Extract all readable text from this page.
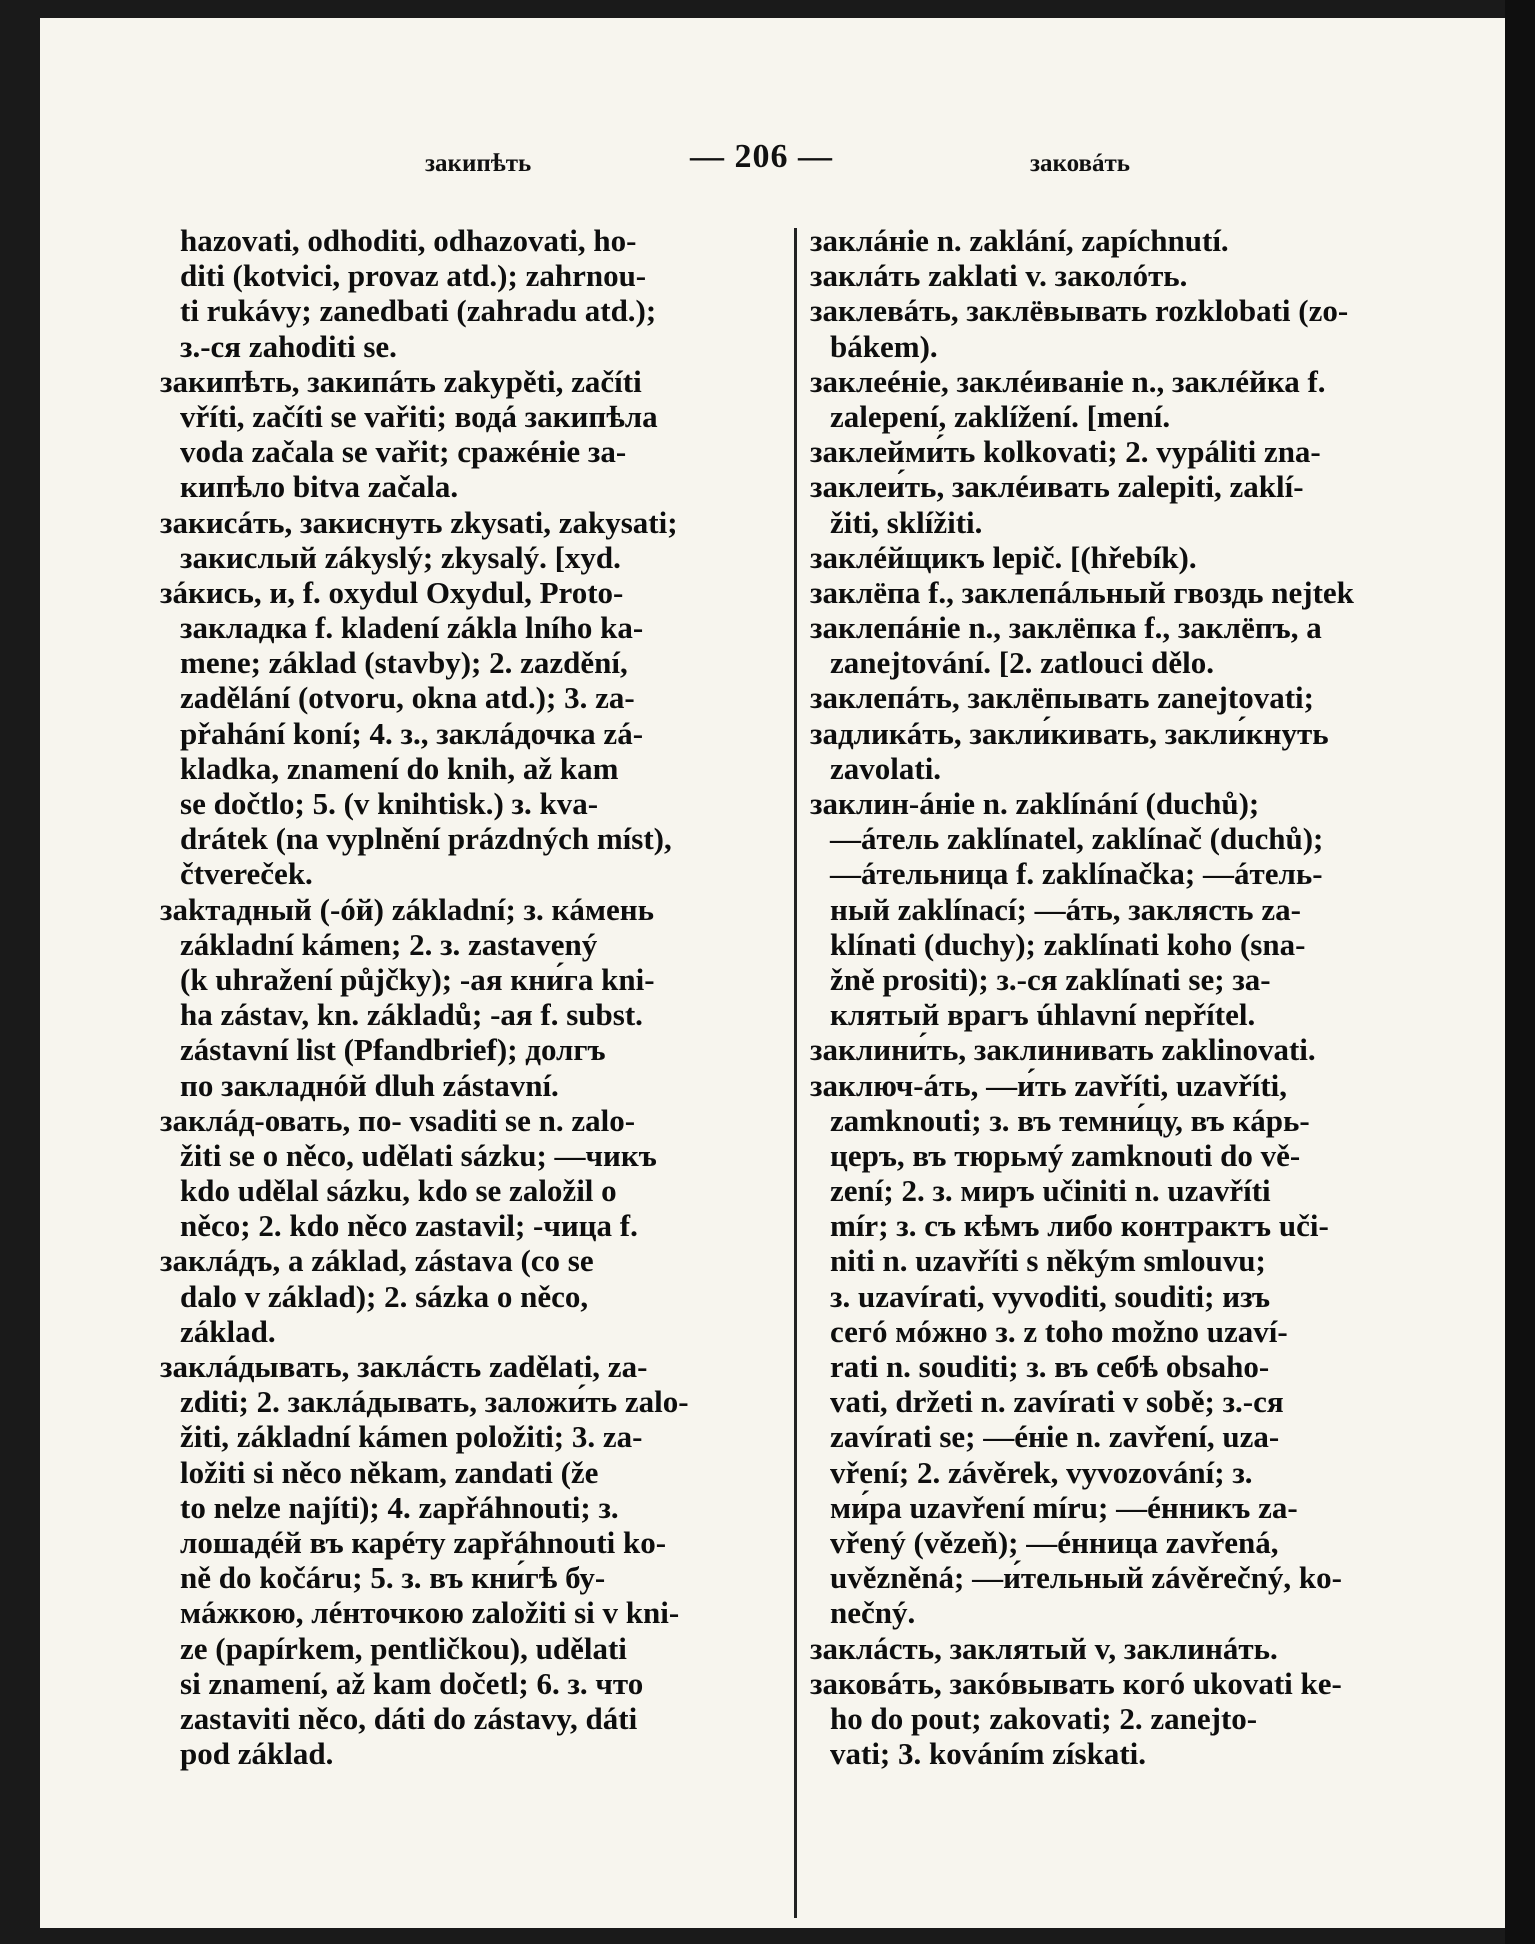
закипѣть	— 206 —	заковáть
hazovati, odhoditi, odhazovati, ho-
diti (kotvici, provaz atd.); zahrnou-
ti rukávy; zanedbati (zahradu atd.);
з.-ся zahoditi se.
закипѣть, закипáть zakypěti, začíti
vříti, začíti se vařiti; водá закипѣла
voda začala se vařit; сражéніе за-
кипѣло bitva začala.
закисáть, закиснуть zkysati, zakysati;
закислый zákyslý; zkysalý. [xyd.
зáкись, и, f. oxydul Oxydul, Proto-
закладка f. kladení zákla lního ka-
mene; základ (stavby); 2. zazdění,
zadělání (otvoru, okna atd.); 3. za-
přahání koní; 4. з., заклáдочка zá-
kladka, znamení do knih, až kam
se dočtlo; 5. (v knihtisk.) з. kva-
drátek (na vyplnění prázdných míst),
čtvereček.
заkтадный (-óй) základní; з. кáмень
základní kámen; 2. з. zastavený
(k uhražení půjčky); -ая кни́га kni-
ha zástav, kn. základů; -ая f. subst.
zástavní list (Pfandbrief); долгъ
по закладнóй dluh zástavní.
заклáд-овать, по- vsaditi se n. zalo-
žiti se o něco, udělati sázku; —чикъ
kdo udělal sázku, kdo se založil o
něco; 2. kdo něco zastavil; -чица f.
заклáдъ, а základ, zástava (co se
dalo v základ); 2. sázka o něco,
základ.
заклáдывать, заклáсть zadělati, za-
zditi; 2. заклáдывать, заложи́ть zalo-
žiti, základní kámen položiti; 3. za-
ložiti si něco někam, zandati (že
to nelze najíti); 4. zapřáhnouti; з.
лошадéй въ карéту zapřáhnouti ko-
ně do kočáru; 5. з. въ кни́гѣ бу-
мáжкою, лéнточкою založiti si v kni-
ze (papírkem, pentličkou), udělati
si znamení, až kam dočetl; 6. з. что
zastaviti něco, dáti do zástavy, dáti
pod základ.
заклáніе n. zaklání, zapíchnutí.
заклáть zaklati v. заколóть.
заклевáть, заклёвывать rozklobati (zo-
bákem).
заклеéніе, заклéиваніе n., заклéйка f.
zalepení, zaklížení. [mení.
заклейми́ть kolkovati; 2. vypáliti zna-
заклеи́ть, заклéивать zalepiti, zaklí-
žiti, sklížiti.
заклéйщикъ lepič. [(hřebík).
заклёпа f., заклепáльный гвоздь nejtek
заклепáніе n., заклёпка f., заклёпъ, а
zanejtování. [2. zatlouci dělo.
заклепáть, заклёпывать zanejtovati;
задликáть, закли́кивать, закли́кнуть
zavolati.
заклин-áніе n. zaklínání (duchů);
—áтель zaklínatel, zaklínač (duchů);
—áтельница f. zaklínačka; —áтель-
ный zaklínací; —áть, заклясть za-
klínati (duchy); zaklínati koho (sna-
žně prositi); з.-ся zaklínati se; за-
клятый врагъ úhlavní nepřítel.
заклини́ть, заклинивать zaklinovati.
заключ-áть, —и́ть zavříti, uzavříti,
zamknouti; з. въ темни́цу, въ кáрь-
церъ, въ тюрьмý zamknouti do vě-
zení; 2. з. миръ učiniti n. uzavříti
mír; з. съ кѣмъ либо контрактъ uči-
niti n. uzavříti s někým smlouvu;
з. uzavírati, vyvoditi, souditi; изъ
сегó мóжно з. z toho možno uzaví-
rati n. souditi; з. въ себѣ obsaho-
vati, držeti n. zavírati v sobě; з.-ся
zavírati se; —éніе n. zavření, uza-
vření; 2. závěrek, vyvozování; з.
ми́ра uzavření míru; —éнникъ za-
vřený (vězeň); —éнница zavřená,
uvězněná; —и́тельный závěrečný, ko-
nečný.
заклáсть, заклятый v, заклинáть.
заковáть, закóвывать когó ukovati ke-
ho do pout; zakovati; 2. zanejto-
vati; 3. kováním získati.
